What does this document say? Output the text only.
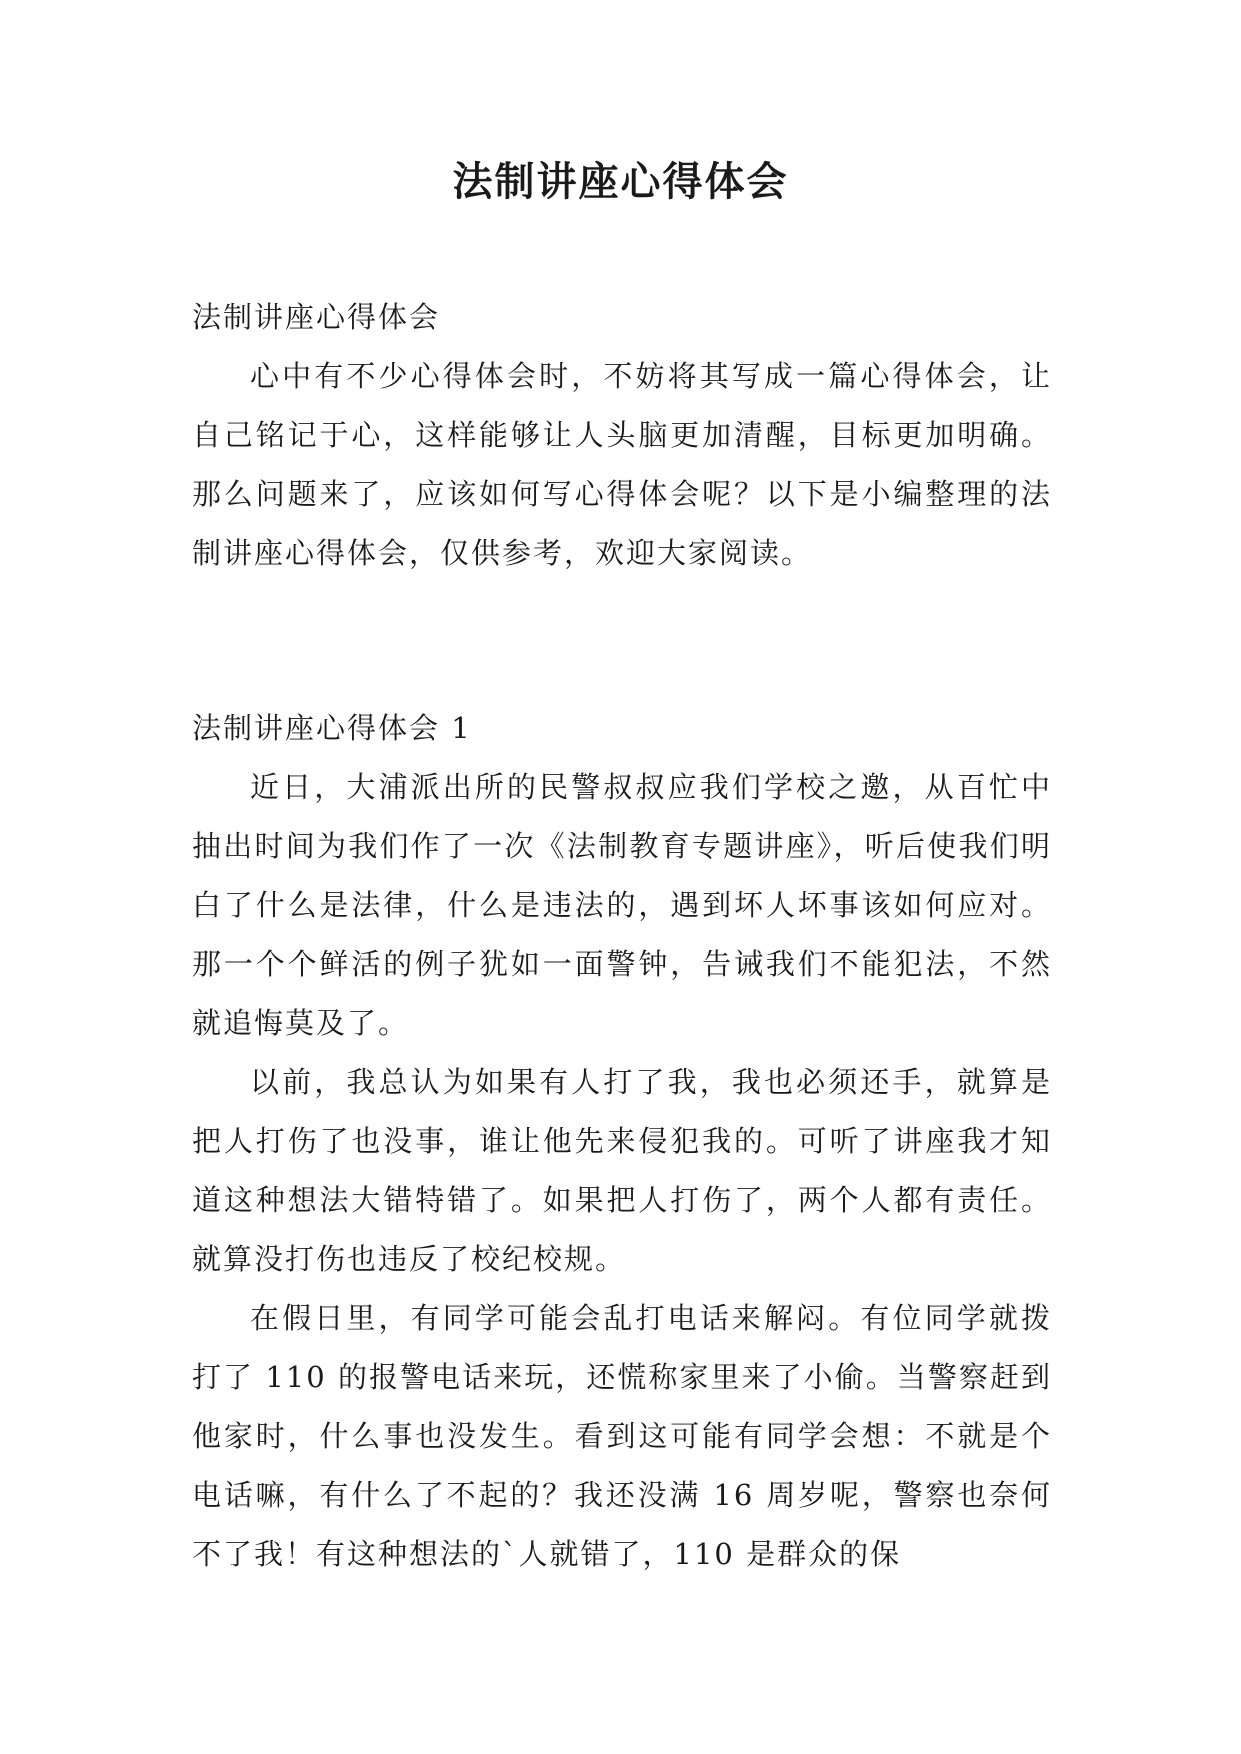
法制讲座心得体会

法制讲座心得体会

心中有不少心得体会时，不妨将其写成一篇心得体会，让自己铭记于心，这样能够让人头脑更加清醒，目标更加明确。那么问题来了，应该如何写心得体会呢？以下是小编整理的法制讲座心得体会，仅供参考，欢迎大家阅读。

法制讲座心得体会 1

近日，大浦派出所的民警叔叔应我们学校之邀，从百忙中抽出时间为我们作了一次《法制教育专题讲座》，听后使我们明白了什么是法律，什么是违法的，遇到坏人坏事该如何应对。那一个个鲜活的例子犹如一面警钟，告诫我们不能犯法，不然就追悔莫及了。

以前，我总认为如果有人打了我，我也必须还手，就算是把人打伤了也没事，谁让他先来侵犯我的。可听了讲座我才知道这种想法大错特错了。如果把人打伤了，两个人都有责任。就算没打伤也违反了校纪校规。

在假日里，有同学可能会乱打电话来解闷。有位同学就拨打了 110 的报警电话来玩，还慌称家里来了小偷。当警察赶到他家时，什么事也没发生。看到这可能有同学会想：不就是个电话嘛，有什么了不起的？我还没满 16 周岁呢，警察也奈何不了我！有这种想法的`人就错了，110 是群众的保
